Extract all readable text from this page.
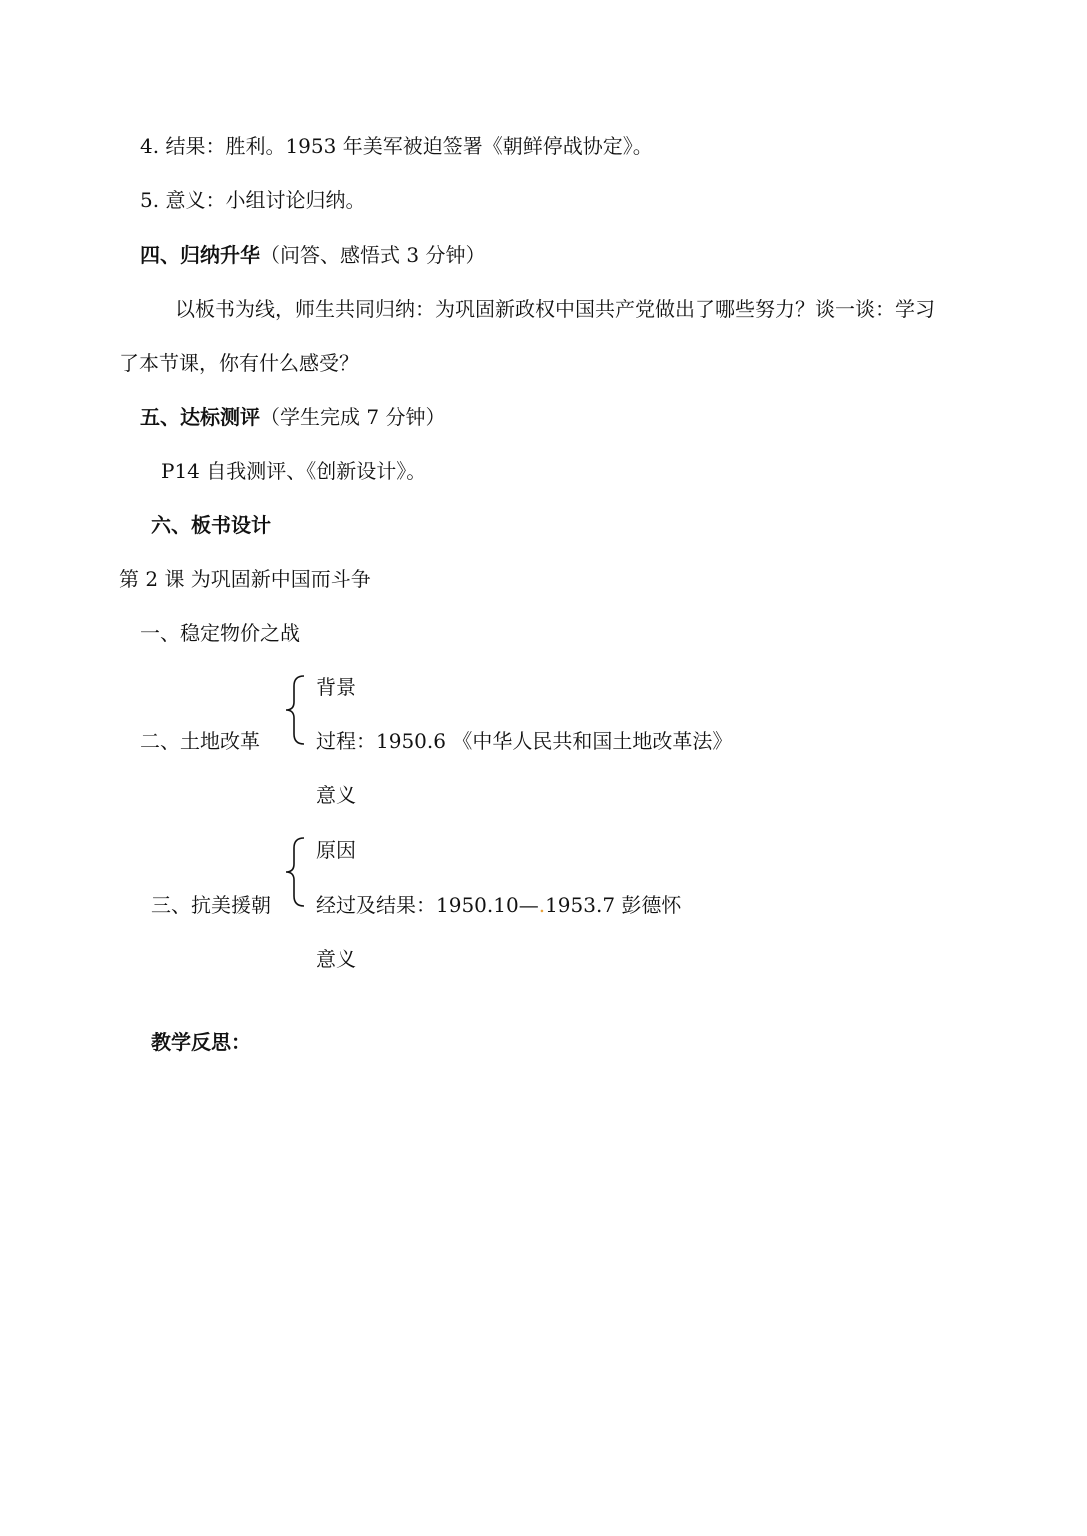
4. 结果：胜利。1953 年美军被迫签署《朝鲜停战协定》。
5. 意义：小组讨论归纳。
四、归纳升华（问答、感悟式 3 分钟）
以板书为线，师生共同归纳：为巩固新政权中国共产党做出了哪些努力？谈一谈：学习
了本节课，你有什么感受？
五、达标测评（学生完成 7 分钟）
P14 自我测评、《创新设计》。
六、板书设计
第 2 课 为巩固新中国而斗争
一、稳定物价之战
背景
二、土地改革	过程：1950.6 《中华人民共和国土地改革法》
意义
原因
三、抗美援朝 经过及结果：1950.10—.1953.7 彭德怀
意义
教学反思：
